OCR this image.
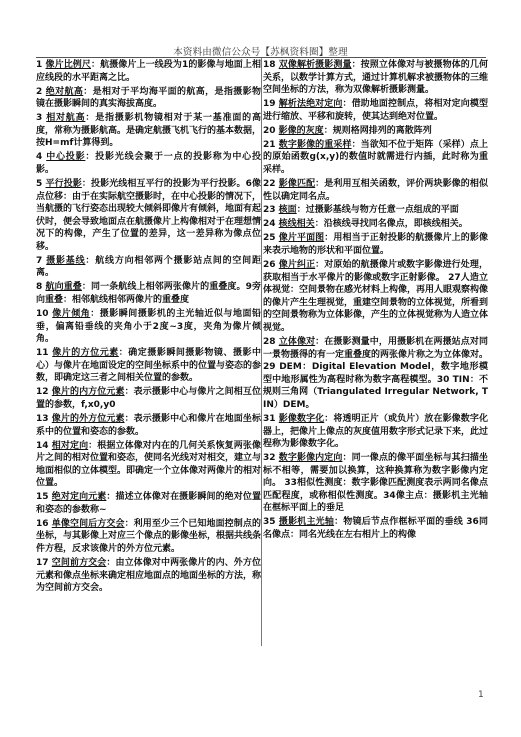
本资料由微信公众号【苏枫资料圈】整理
1 像片比例尺：航摄像片上一线段为1的影像与地面上相应线段的水平距离之比。
2 绝对航高：是相对于平均海平面的航高，是指摄影物镜在摄影瞬间的真实海拔高度。
3 相对航高：是指摄影机物镜相对于某一基准面的高度，常称为摄影航高。是确定航摄飞机飞行的基本数据，按H=mf计算得到。
4 中心投影：投影光线会聚于一点的投影称为中心投影。
5 平行投影：投影光线相互平行的投影为平行投影。6像点位移：由于在实际航空摄影时，在中心投影的情况下，当航摄的飞行姿态出现较大倾斜即像片有倾斜，地面有起伏时，便会导致地面点在航摄像片上构像相对于在理想情况下的构像，产生了位置的差异，这一差异称为像点位移。
7 摄影基线：航线方向相邻两个摄影站点间的空间距离。
8 航向重叠：同一条航线上相邻两张像片的重叠度。9旁向重叠：相邻航线相邻两像片的重叠度
10 像片倾角：摄影瞬间摄影机的主光轴近似与地面铅垂，偏离铅垂线的夹角小于2度~3度，夹角为像片倾角。
11 像片的方位元素：确定摄影瞬间摄影物镜、摄影中心）与像片在地面设定的空间坐标系中的位置与姿态的参数，即确定这三者之间相关位置的参数。
12 像片的内方位元素：表示摄影中心与像片之间相互位置的参数，f,x0,y0
13 像片的外方位元素：表示摄影中心和像片在地面坐标系中的位置和姿态的参数。
14 相对定向：根据立体像对内在的几何关系恢复两张像片之间的相对位置和姿态，使同名光线对对相交，建立与地面相似的立体模型。即确定一个立体像对两像片的相对位置。
15 绝对定向元素：描述立体像对在摄影瞬间的绝对位置和姿态的参数称~
16 单像空间后方交会：利用至少三个已知地面控制点的坐标，与其影像上对应三个像点的影像坐标，根据共线条件方程，反求该像片的外方位元素。
17 空间前方交会：由立体像对中两张像片的内、外方位元素和像点坐标来确定相应地面点的地面坐标的方法，称为空间前方交会。
18 双像解析摄影测量：按照立体像对与被摄物体的几何关系，以数学计算方式，通过计算机解求被摄物体的三维空间坐标的方法，称为双像解析摄影测量。
19 解析法绝对定向：借助地面控制点，将相对定向模型进行缩放、平移和旋转，使其达到绝对位置。
20 影像的灰度：规则格网排列的离散阵列
21 数字影像的重采样：当欲知不位于矩阵（采样）点上的原始函数g(x,y)的数值时就需进行内插，此时称为重采样。
22 影像匹配：是利用互相关函数，评价两块影像的相似性以确定同名点。
23 核面：过摄影基线与物方任意一点组成的平面
24 核线相关：沿核线寻找同名像点，即核线相关。
25 像片平面图：用相当于正射投影的航摄像片上的影像来表示地物的形状和平面位置。
26 像片纠正：对原始的航摄像片或数字影像进行处理，获取相当于水平像片的影像或数字正射影像。 27人造立体视觉：空间景物在感光材料上构像，再用人眼观察构像的像片产生生理视觉，重建空间景物的立体视觉，所看到的空间景物称为立体影像，产生的立体视觉称为人造立体视觉。
28 立体像对：在摄影测量中，用摄影机在两摄站点对同一景物摄得的有一定重叠度的两张像片称之为立体像对。29 DEM：Digital Elevation Model，数字地形模型中地形属性为高程时称为数字高程模型。30 TIN：不规则三角网（Triangulated Irregular Network, TIN）DEM。
31 影像数字化：将透明正片（或负片）放在影像数字化器上，把像片上像点的灰度值用数字形式记录下来，此过程称为影像数字化。
32 数字影像内定向：同一像点的像平面坐标与其扫描坐标不相等，需要加以换算，这种换算称为数字影像内定向。 33相似性测度：数字影像匹配测度表示两同名像点匹配程度，或称相似性测度。34像主点：摄影机主光轴在框标平面上的垂足
35 摄影机主光轴：物镜后节点作框标平面的垂线 36同名像点：同名光线在左右相片上的构像
1
